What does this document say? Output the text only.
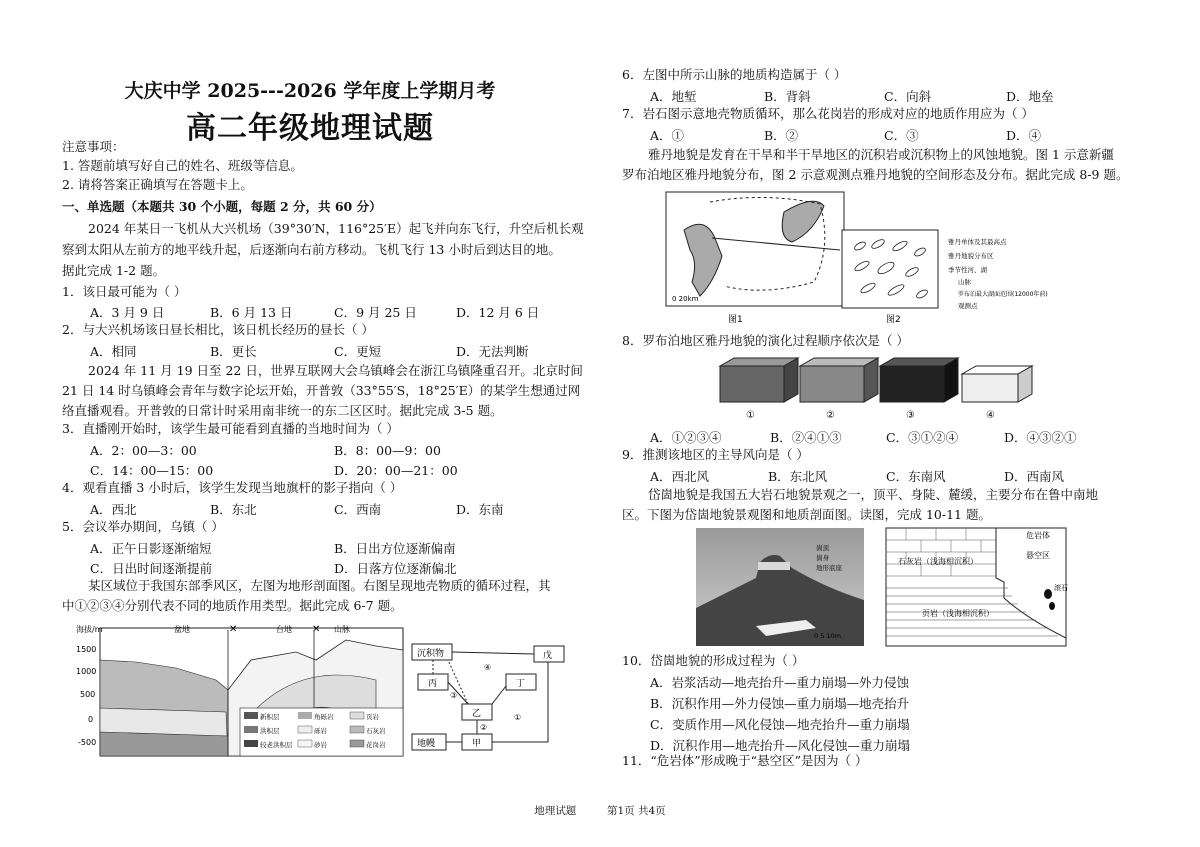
大庆中学 2025---2026 学年度上学期月考
高二年级地理试题
注意事项：
1. 答题前填写好自己的姓名、班级等信息。
2. 请将答案正确填写在答题卡上。
一、单选题（本题共 30 个小题，每题 2 分，共 60 分）
2024 年某日一飞机从大兴机场（39°30′N，116°25′E）起飞并向东飞行，升空后机长观
察到太阳从左前方的地平线升起，后逐渐向右前方移动。飞机飞行 13 小时后到达目的地。
据此完成 1-2 题。
1．该日最可能为（ ）
A．3 月 9 日	B．6 月 13 日	C．9 月 25 日	D．12 月 6 日
2．与大兴机场该日昼长相比，该日机长经历的昼长（ ）
A．相同	B．更长	C．更短	D．无法判断
2024 年 11 月 19 日至 22 日，世界互联网大会乌镇峰会在浙江乌镇隆重召开。北京时间
21 日 14 时乌镇峰会青年与数字论坛开始，开普敦（33°55′S，18°25′E）的某学生想通过网
络直播观看。开普敦的日常计时采用南非统一的东二区区时。据此完成 3-5 题。
3．直播刚开始时，该学生最可能看到直播的当地时间为（ ）
A．2：00—3：00	B．8：00—9：00
C．14：00—15：00	D．20：00—21：00
4．观看直播 3 小时后，该学生发现当地旗杆的影子指向（ ）
A．西北	B．东北	C．西南	D．东南
5．会议举办期间，乌镇（ ）
A．正午日影逐渐缩短	B．日出方位逐渐偏南
C．日出时间逐渐提前	D．日落方位逐渐偏北
某区域位于我国东部季风区，左图为地形剖面图。右图呈现地壳物质的循环过程，其
中①②③④分别代表不同的地质作用类型。据此完成 6-7 题。
海拔/m
1500
1000
500
0
-500
盆地	台地	山脉
✕	✕
新积层	角砾岩	页岩
洪积层	砾岩	石灰岩
较老洪积层	砂岩	花岗岩
沉积物	戊
丙	丁
乙
地幔	甲
④
③
②
①
6．左图中所示山脉的地质构造属于（ ）
A．地堑	B．背斜	C．向斜	D．地垒
7．岩石图示意地壳物质循环，那么花岗岩的形成对应的地质作用应为（ ）
A．①	B．②	C．③	D．④
雅丹地貌是发育在干旱和半干旱地区的沉积岩或沉积物上的风蚀地貌。图 1 示意新疆
罗布泊地区雅丹地貌分布，图 2 示意观测点雅丹地貌的空间形态及分布。据此完成 8-9 题。
0 20km
图1	图2
雅丹单体及其最高点
雅丹地貌分布区
季节性河、湖
山脉
罗布泊最大湖面范围(12000年前)
观测点
8．罗布泊地区雅丹地貌的演化过程顺序依次是（ ）
①	②	③	④
A．①②③④	B．②④①③	C．③①②④	D．④③②①
9．推测该地区的主导风向是（ ）
A．西北风	B．东北风	C．东南风	D．西南风
岱崮地貌是我国五大岩石地貌景观之一，顶平、身陡、麓缓，主要分布在鲁中南地
区。下图为岱崮地貌景观图和地质剖面图。读图，完成 10-11 题。
崮顶
崮身
地形底座
0 5 10m
石灰岩（浅海相沉积）
危岩体
悬空区
滚石
页岩（浅海相沉积）
10．岱崮地貌的形成过程为（ ）
A．岩浆活动—地壳抬升—重力崩塌—外力侵蚀
B．沉积作用—外力侵蚀—重力崩塌—地壳抬升
C．变质作用—风化侵蚀—地壳抬升—重力崩塌
D．沉积作用—地壳抬升—风化侵蚀—重力崩塌
11．“危岩体”形成晚于“悬空区”是因为（ ）
地理试题	第1页 共4页
